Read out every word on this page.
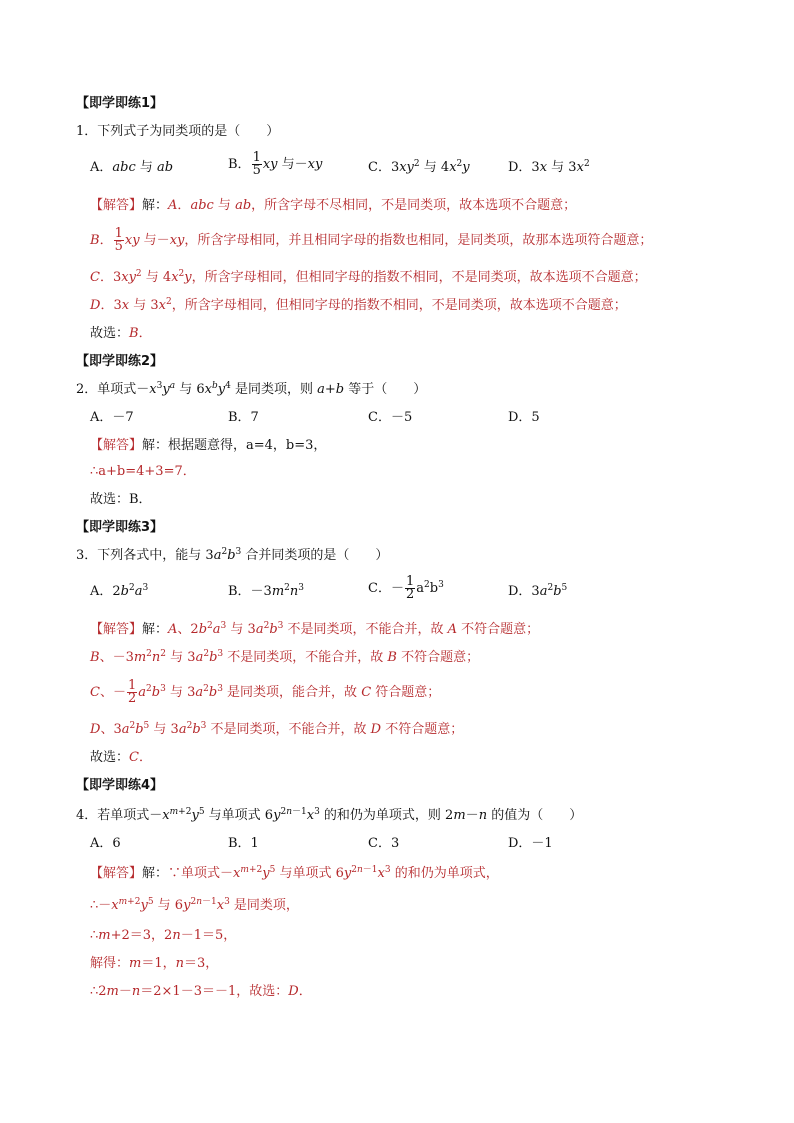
【即学即练1】
1．下列式子为同类项的是（　　）
A．abc 与 ab	B． $\frac{1}{5}$ xy 与－xy	C．$3xy^2$ 与 $4x^2y$	D．3x 与 $3x^2$
【解答】解：A．abc 与 ab，所含字母不尽相同，不是同类项，故本选项不合题意；
B． $\frac{1}{5}$ xy 与－xy，所含字母相同，并且相同字母的指数也相同，是同类项，故那本选项符合题意；
C．$3xy^2$ 与 $4x^2y$，所含字母相同，但相同字母的指数不相同，不是同类项，故本选项不合题意；
D．3x 与 $3x^2$，所含字母相同，但相同字母的指数不相同，不是同类项，故本选项不合题意；
故选：B．
【即学即练2】
2．单项式$-x^3y^a$ 与 $6x^by^4$ 是同类项，则 a+b 等于（　　）
A．－7	B．7	C．－5	D．5
【解答】解：根据题意得，a=4，b=3，
∴a+b=4+3=7．
故选：B．
【即学即练3】
3．下列各式中，能与 $3a^2b^3$ 合并同类项的是（　　）
A．$2b^2a^3$	B．$-3m^2n^3$	C．－ $\frac{1}{2} a^2b^3$	D．$3a^2b^5$
【解答】解：A、$2b^2a^3$ 与 $3a^2b^3$ 不是同类项，不能合并，故 A 不符合题意；
B、$-3m^2n^2$ 与 $3a^2b^3$ 不是同类项，不能合并，故 B 不符合题意；
C、－ $\frac{1}{2} a^2b^3$ 与 $3a^2b^3$ 是同类项，能合并，故 C 符合题意；
D、$3a^2b^5$ 与 $3a^2b^3$ 不是同类项，不能合并，故 D 不符合题意；
故选：C．
【即学即练4】
4．若单项式$-x^{m+2}y^5$ 与单项式 $6y^{2n-1}x^3$ 的和仍为单项式，则 2m－n 的值为（　　）
A．6	B．1	C．3	D．－1
【解答】解：∵单项式$-x^{m+2}y^5$ 与单项式 $6y^{2n-1}x^3$ 的和仍为单项式，
$\therefore-x^{m+2}y^5$ 与 $6y^{2n-1}x^3$ 是同类项，
∴m+2＝3，2n－1＝5，
解得：m＝1，n＝3，
∴2m－n＝2×1－3＝－1，故选：D．
